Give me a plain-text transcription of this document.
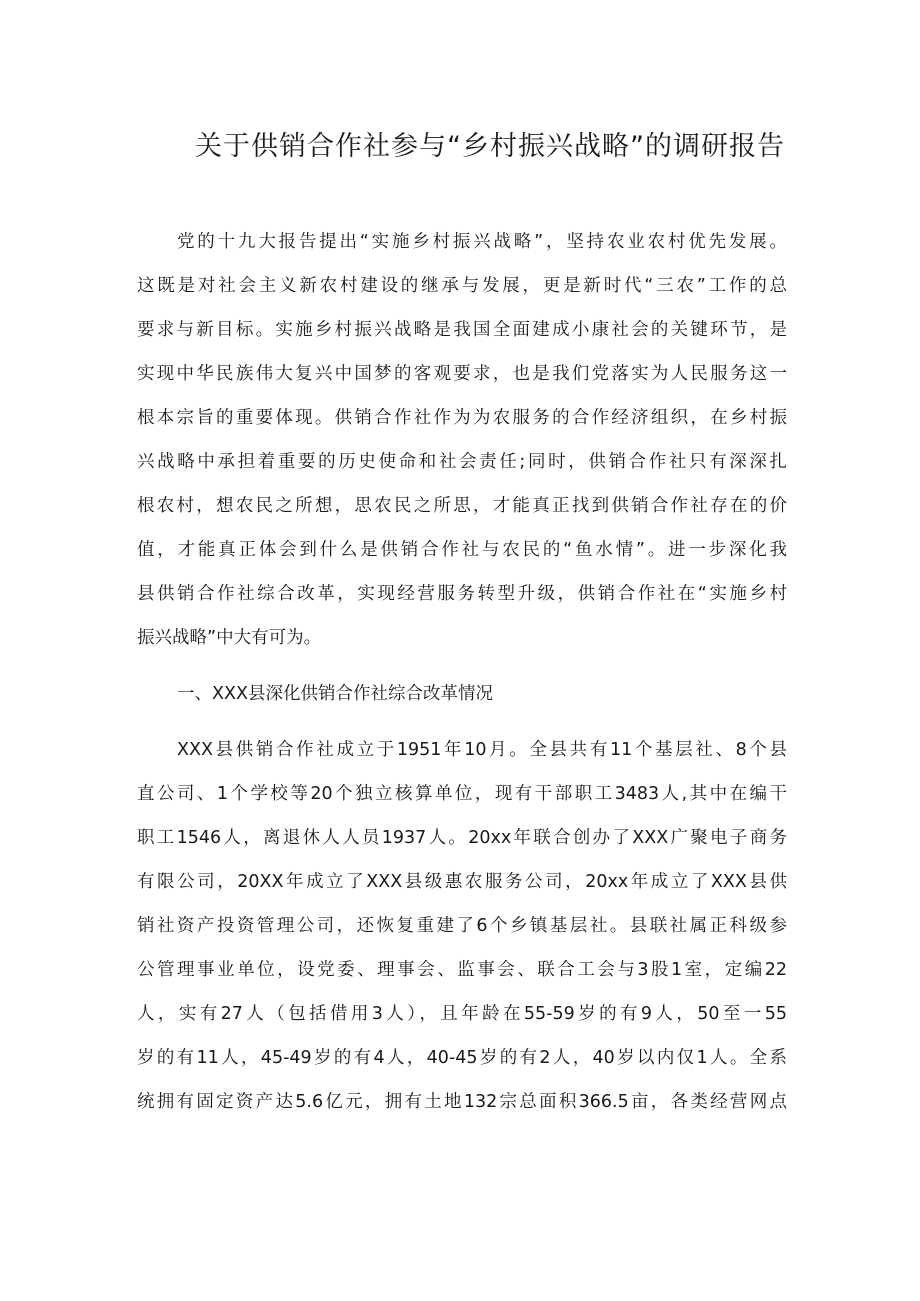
关于供销合作社参与“乡村振兴战略”的调研报告
党的十九大报告提出“实施乡村振兴战略”，坚持农业农村优先发展。
这既是对社会主义新农村建设的继承与发展，更是新时代“三农”工作的总
要求与新目标。实施乡村振兴战略是我国全面建成小康社会的关键环节，是
实现中华民族伟大复兴中国梦的客观要求，也是我们党落实为人民服务这一
根本宗旨的重要体现。供销合作社作为为农服务的合作经济组织，在乡村振
兴战略中承担着重要的历史使命和社会责任;同时，供销合作社只有深深扎
根农村，想农民之所想，思农民之所思，才能真正找到供销合作社存在的价
值，才能真正体会到什么是供销合作社与农民的“鱼水情”。进一步深化我
县供销合作社综合改革，实现经营服务转型升级，供销合作社在“实施乡村
振兴战略”中大有可为。
一、XXX县深化供销合作社综合改革情况
XXX县供销合作社成立于1951年10月。全县共有11个基层社、8个县
直公司、1个学校等20个独立核算单位，现有干部职工3483人,其中在编干
职工1546人，离退休人人员1937人。20xx年联合创办了XXX广聚电子商务
有限公司，20XX年成立了XXX县级惠农服务公司，20xx年成立了XXX县供
销社资产投资管理公司，还恢复重建了6个乡镇基层社。县联社属正科级参
公管理事业单位，设党委、理事会、监事会、联合工会与3股1室，定编22
人，实有27人（包括借用3人），且年龄在55-59岁的有9人，50至一55
岁的有11人，45-49岁的有4人，40-45岁的有2人，40岁以内仅1人。全系
统拥有固定资产达5.6亿元，拥有土地132宗总面积366.5亩，各类经营网点
